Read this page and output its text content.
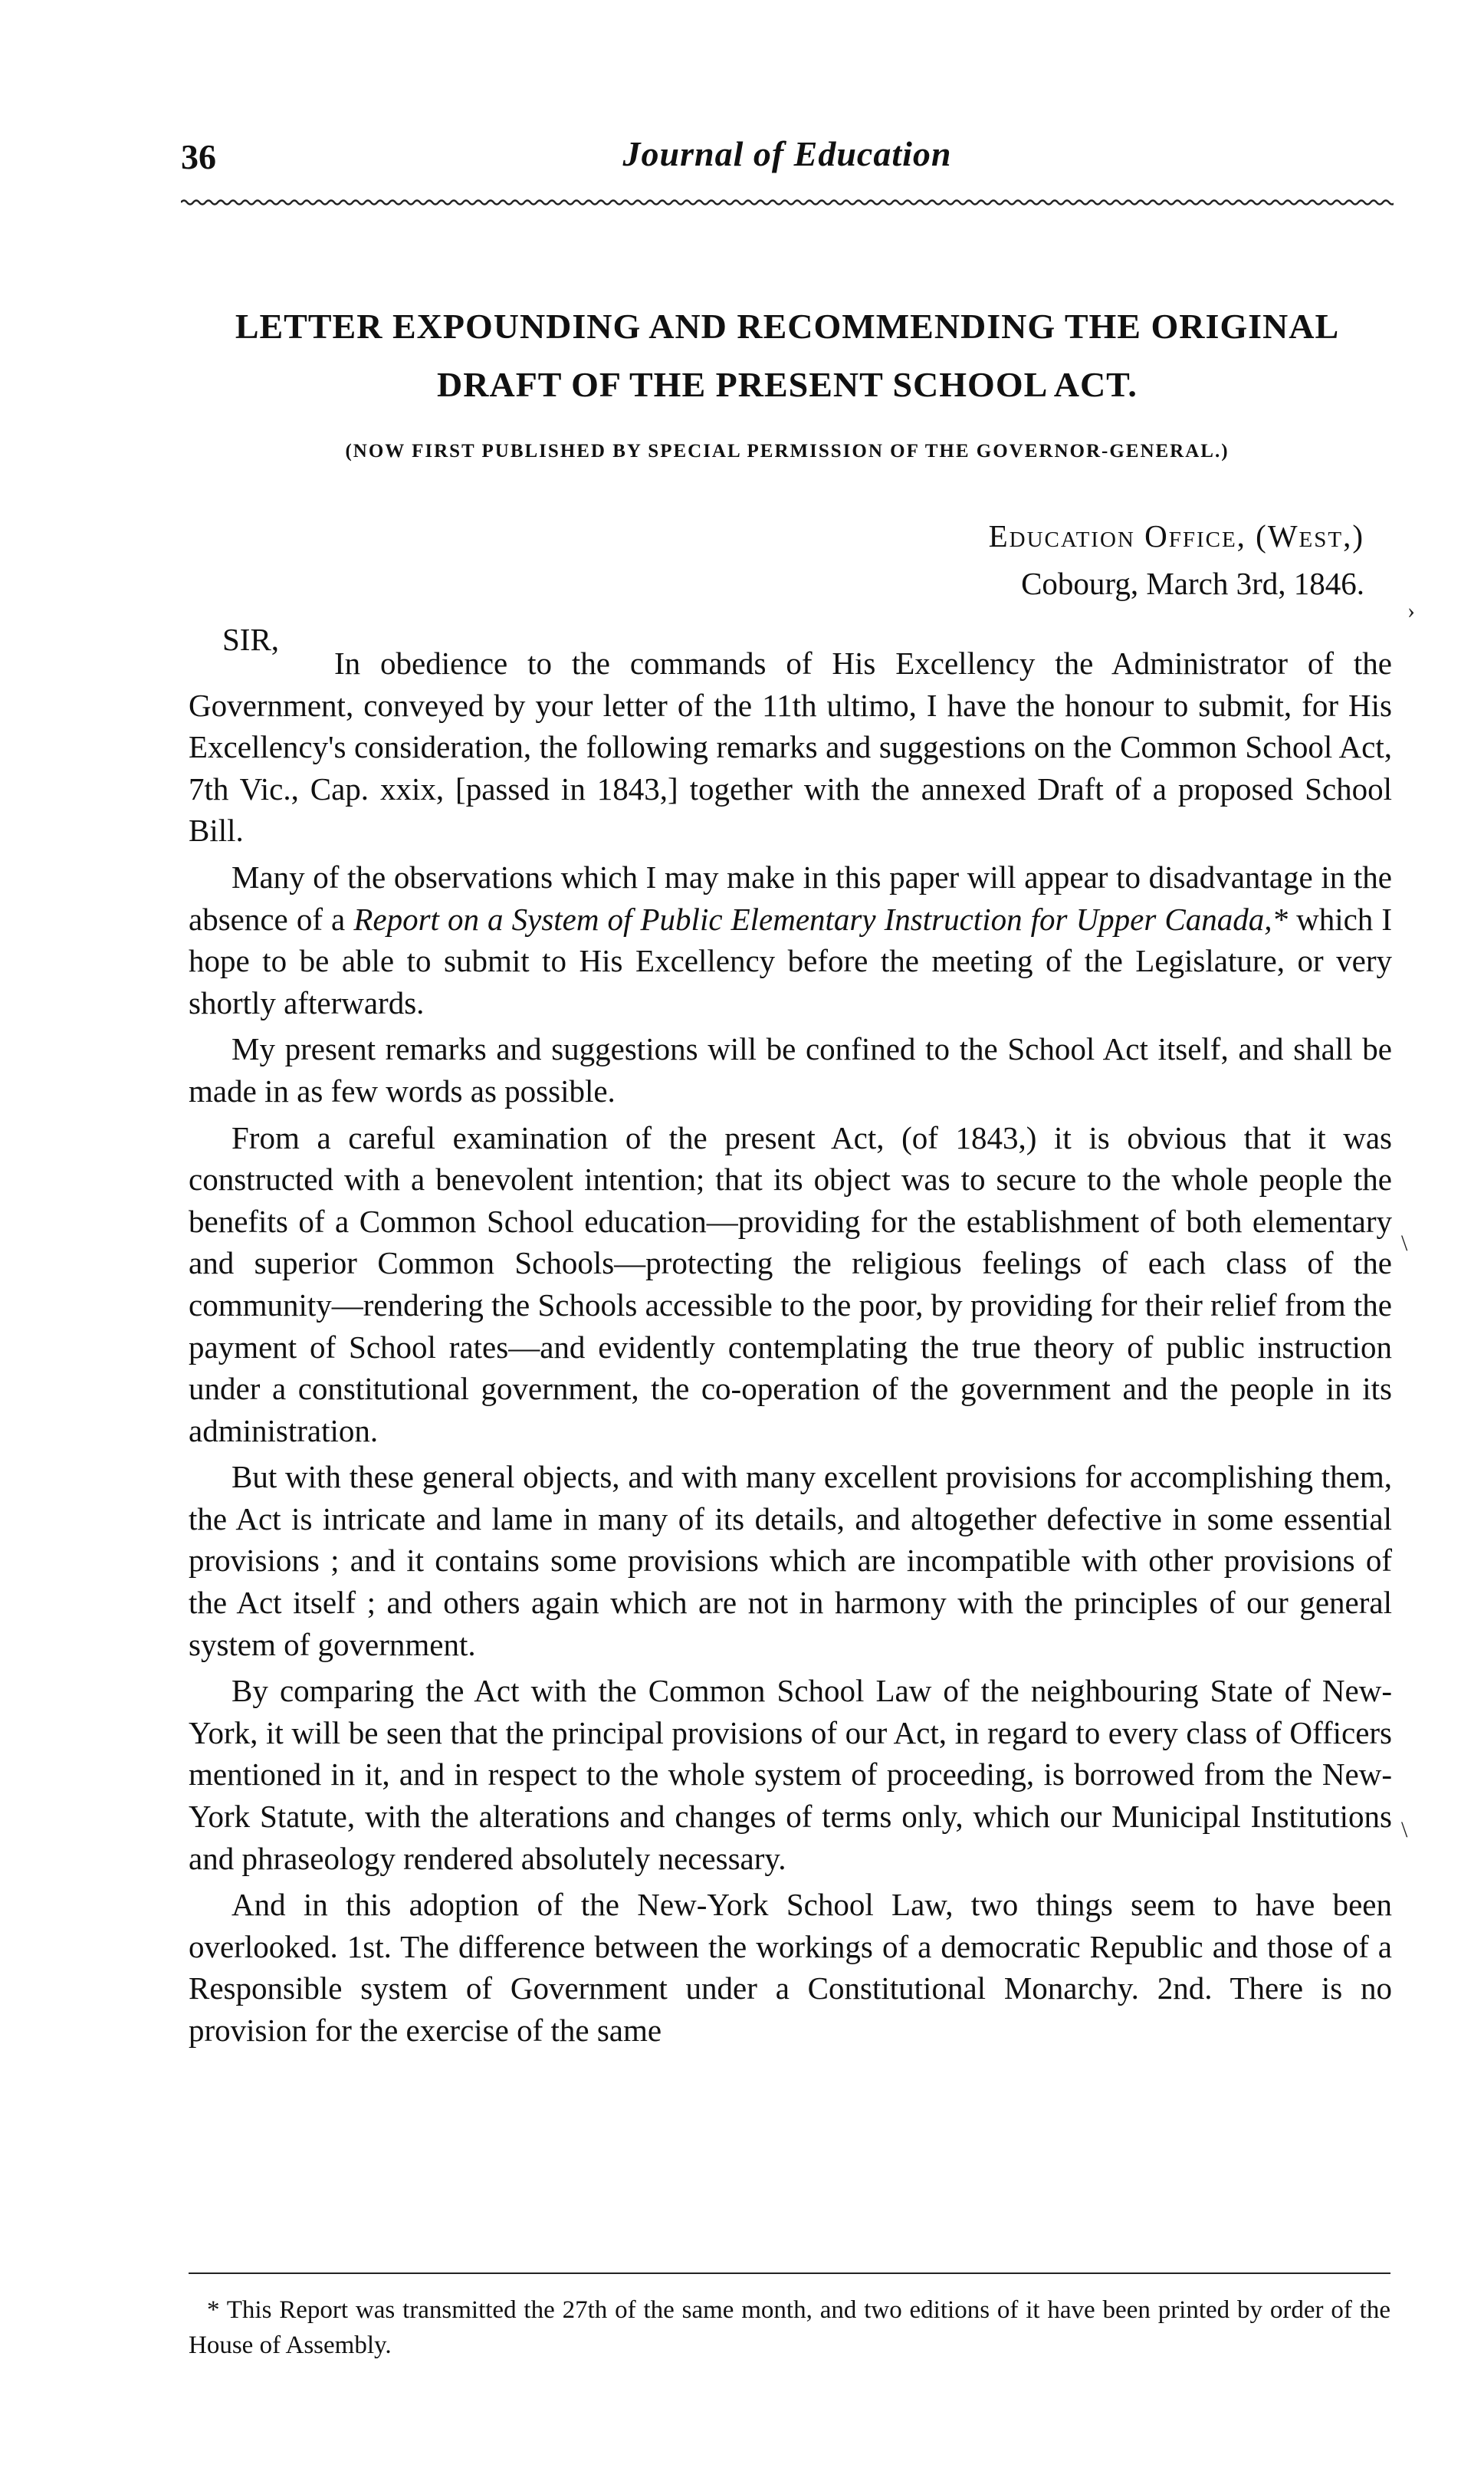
36	Journal of Education
LETTER EXPOUNDING AND RECOMMENDING THE ORIGINAL
DRAFT OF THE PRESENT SCHOOL ACT.
(NOW FIRST PUBLISHED BY SPECIAL PERMISSION OF THE GOVERNOR-GENERAL.)
Education Office, (West,)
Cobourg, March 3rd, 1846.
SIR,

In obedience to the commands of His Excellency the Administrator of the Government, conveyed by your letter of the 11th ultimo, I have the honour to submit, for His Excellency's consideration, the following remarks and suggestions on the Common School Act, 7th Vic., Cap. xxix, [passed in 1843,] together with the annexed Draft of a proposed School Bill.

Many of the observations which I may make in this paper will appear to disadvantage in the absence of a Report on a System of Public Elementary Instruction for Upper Canada,* which I hope to be able to submit to His Excellency before the meeting of the Legislature, or very shortly afterwards.

My present remarks and suggestions will be confined to the School Act itself, and shall be made in as few words as possible.

From a careful examination of the present Act, (of 1843,) it is obvious that it was constructed with a benevolent intention; that its object was to secure to the whole people the benefits of a Common School education—providing for the establishment of both elementary and superior Common Schools—protecting the religious feelings of each class of the community—rendering the Schools accessible to the poor, by providing for their relief from the payment of School rates—and evidently contemplating the true theory of public instruction under a constitutional government, the co-operation of the government and the people in its administration.

But with these general objects, and with many excellent provisions for accomplishing them, the Act is intricate and lame in many of its details, and altogether defective in some essential provisions ; and it contains some provisions which are incompatible with other provisions of the Act itself ; and others again which are not in harmony with the principles of our general system of government.

By comparing the Act with the Common School Law of the neighbouring State of New-York, it will be seen that the principal provisions of our Act, in regard to every class of Officers mentioned in it, and in respect to the whole system of proceeding, is borrowed from the New-York Statute, with the alterations and changes of terms only, which our Municipal Institutions and phraseology rendered absolutely necessary.

And in this adoption of the New-York School Law, two things seem to have been overlooked. 1st. The difference between the workings of a democratic Republic and those of a Responsible system of Government under a Constitutional Monarchy. 2nd. There is no provision for the exercise of the same

* This Report was transmitted the 27th of the same month, and two editions of it have been printed by order of the House of Assembly.
›
\
\
